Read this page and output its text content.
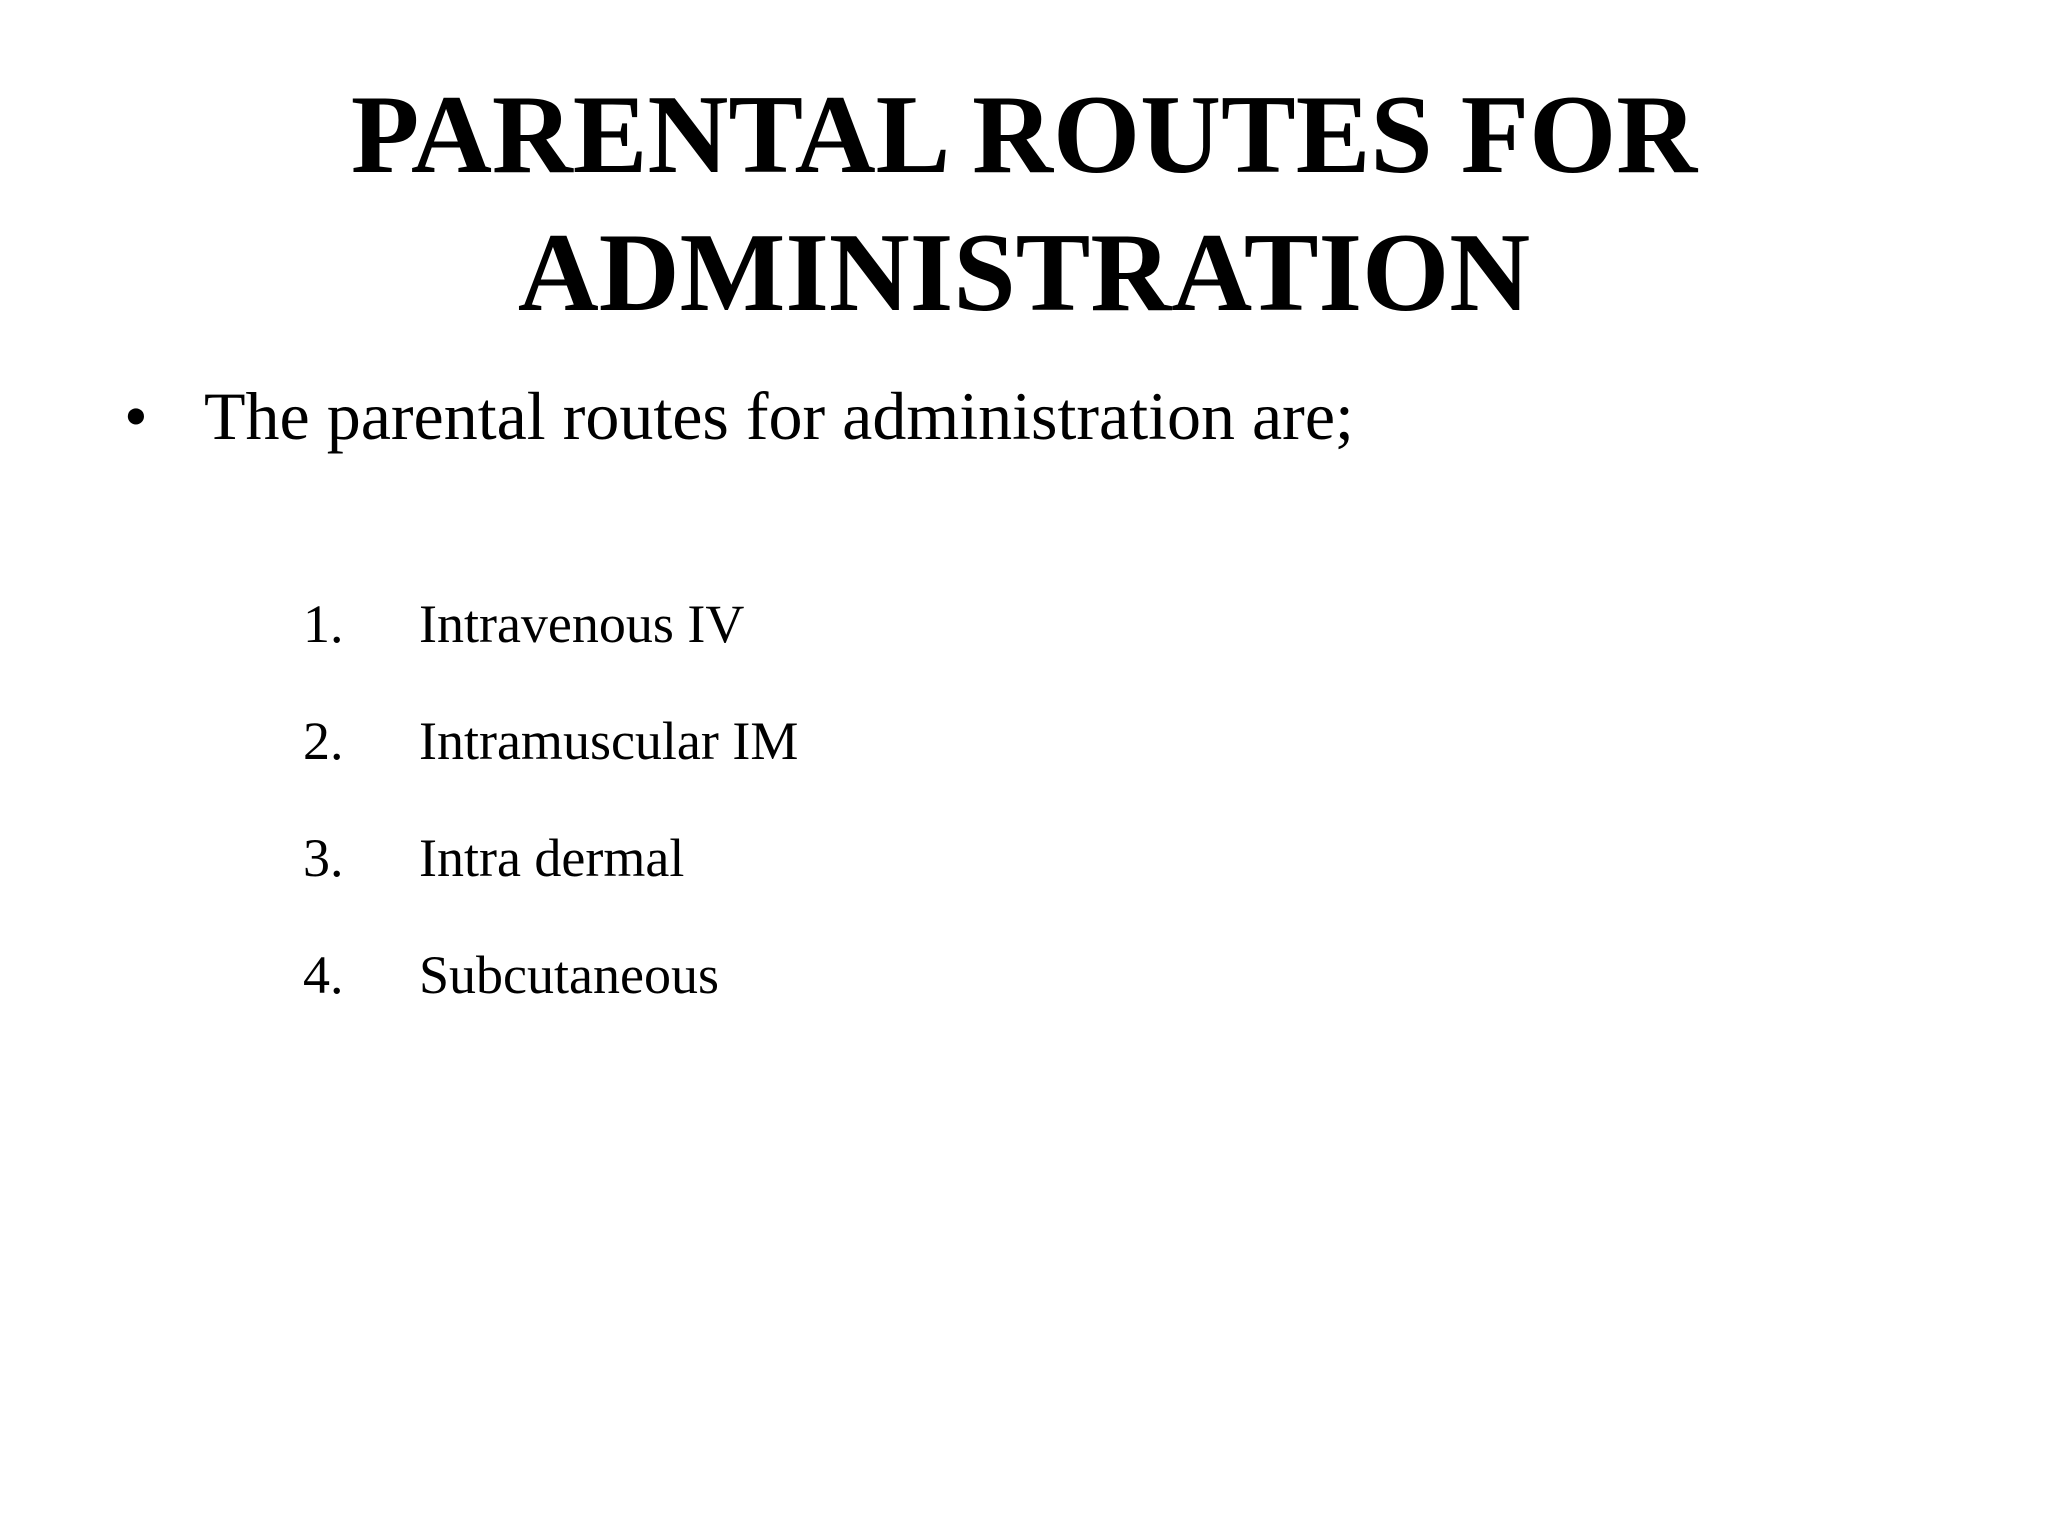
PARENTAL ROUTES FOR
ADMINISTRATION
• The parental routes for administration are;
1. Intravenous IV
2. Intramuscular IM
3. Intra dermal
4. Subcutaneous
